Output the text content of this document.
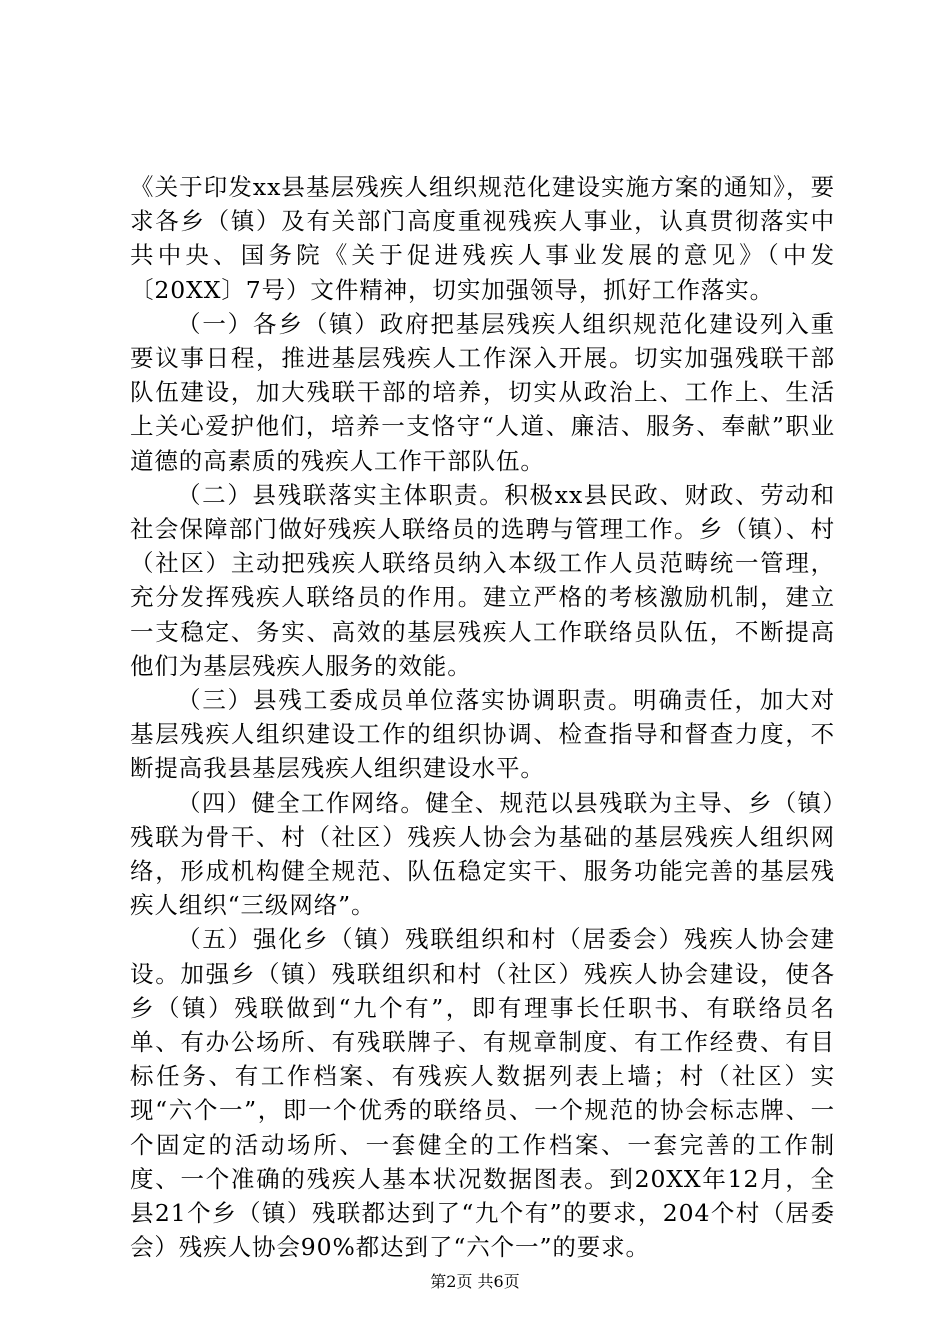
《关于印发xx县基层残疾人组织规范化建设实施方案的通知》，要求各乡（镇）及有关部门高度重视残疾人事业，认真贯彻落实中共中央、国务院《关于促进残疾人事业发展的意见》（中发〔20XX〕7号）文件精神，切实加强领导，抓好工作落实。

（一）各乡（镇）政府把基层残疾人组织规范化建设列入重要议事日程，推进基层残疾人工作深入开展。切实加强残联干部队伍建设，加大残联干部的培养，切实从政治上、工作上、生活上关心爱护他们，培养一支恪守“人道、廉洁、服务、奉献”职业道德的高素质的残疾人工作干部队伍。

（二）县残联落实主体职责。积极xx县民政、财政、劳动和社会保障部门做好残疾人联络员的选聘与管理工作。乡（镇）、村（社区）主动把残疾人联络员纳入本级工作人员范畴统一管理，充分发挥残疾人联络员的作用。建立严格的考核激励机制，建立一支稳定、务实、高效的基层残疾人工作联络员队伍，不断提高他们为基层残疾人服务的效能。

（三）县残工委成员单位落实协调职责。明确责任，加大对基层残疾人组织建设工作的组织协调、检查指导和督查力度，不断提高我县基层残疾人组织建设水平。

（四）健全工作网络。健全、规范以县残联为主导、乡（镇）残联为骨干、村（社区）残疾人协会为基础的基层残疾人组织网络，形成机构健全规范、队伍稳定实干、服务功能完善的基层残疾人组织“三级网络”。

（五）强化乡（镇）残联组织和村（居委会）残疾人协会建设。加强乡（镇）残联组织和村（社区）残疾人协会建设，使各乡（镇）残联做到“九个有”，即有理事长任职书、有联络员名单、有办公场所、有残联牌子、有规章制度、有工作经费、有目标任务、有工作档案、有残疾人数据列表上墙；村（社区）实现“六个一”，即一个优秀的联络员、一个规范的协会标志牌、一个固定的活动场所、一套健全的工作档案、一套完善的工作制度、一个准确的残疾人基本状况数据图表。到20XX年12月，全县21个乡（镇）残联都达到了“九个有”的要求，204个村（居委会）残疾人协会90%都达到了“六个一”的要求。

第2页 共6页
